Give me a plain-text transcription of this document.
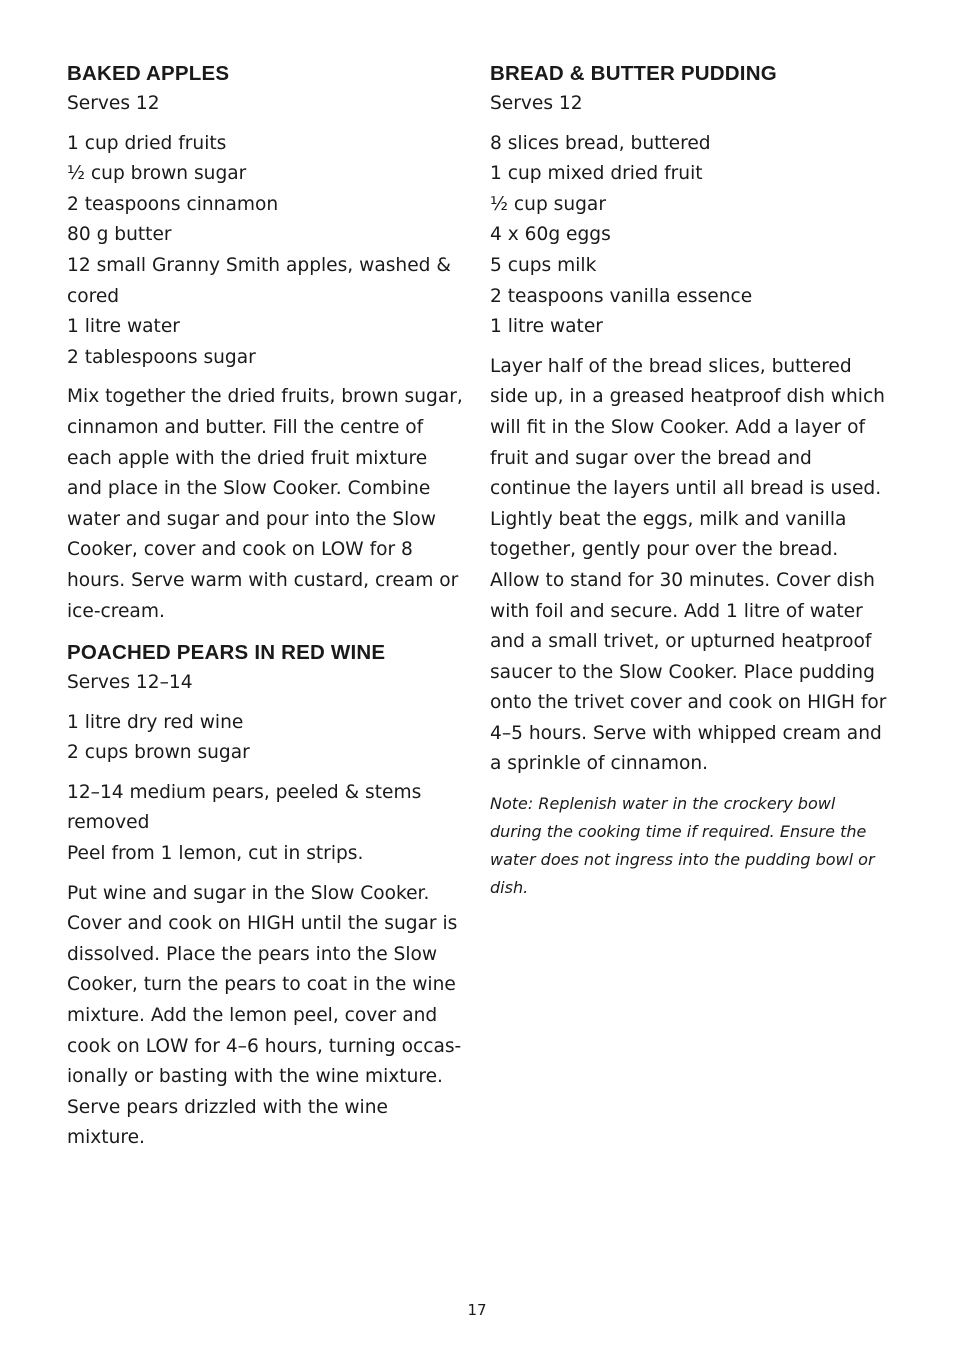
BAKED APPLES

Serves 12

1 cup dried fruits
½ cup brown sugar
2 teaspoons cinnamon
80 g butter
12 small Granny Smith apples, washed & cored
1 litre water
2 tablespoons sugar

Mix together the dried fruits, brown sugar, cinnamon and butter. Fill the centre of each apple with the dried fruit mixture and place in the Slow Cooker. Combine water and sugar and pour into the Slow Cooker, cover and cook on LOW for 8 hours. Serve warm with custard, cream or ice-cream.

POACHED PEARS IN RED WINE

Serves 12–14

1 litre dry red wine
2 cups brown sugar
12–14 medium pears, peeled & stems removed
Peel from 1 lemon, cut in strips.

Put wine and sugar in the Slow Cooker. Cover and cook on HIGH until the sugar is dissolved. Place the pears into the Slow Cooker, turn the pears to coat in the wine mixture. Add the lemon peel, cover and cook on LOW for 4–6 hours, turning occas-ionally or basting with the wine mixture. Serve pears drizzled with the wine mixture.

BREAD & BUTTER PUDDING

Serves 12

8 slices bread, buttered
1 cup mixed dried fruit
½ cup sugar
4 x 60g eggs
5 cups milk
2 teaspoons vanilla essence
1 litre water

Layer half of the bread slices, buttered side up, in a greased heatproof dish which will fit in the Slow Cooker. Add a layer of fruit and sugar over the bread and continue the layers until all bread is used. Lightly beat the eggs, milk and vanilla together, gently pour over the bread. Allow to stand for 30 minutes. Cover dish with foil and secure. Add 1 litre of water and a small trivet, or upturned heatproof saucer to the Slow Cooker. Place pudding onto the trivet cover and cook on HIGH for 4–5 hours. Serve with whipped cream and a sprinkle of cinnamon.

Note: Replenish water in the crockery bowl during the cooking time if required. Ensure the water does not ingress into the pudding bowl or dish.

17
